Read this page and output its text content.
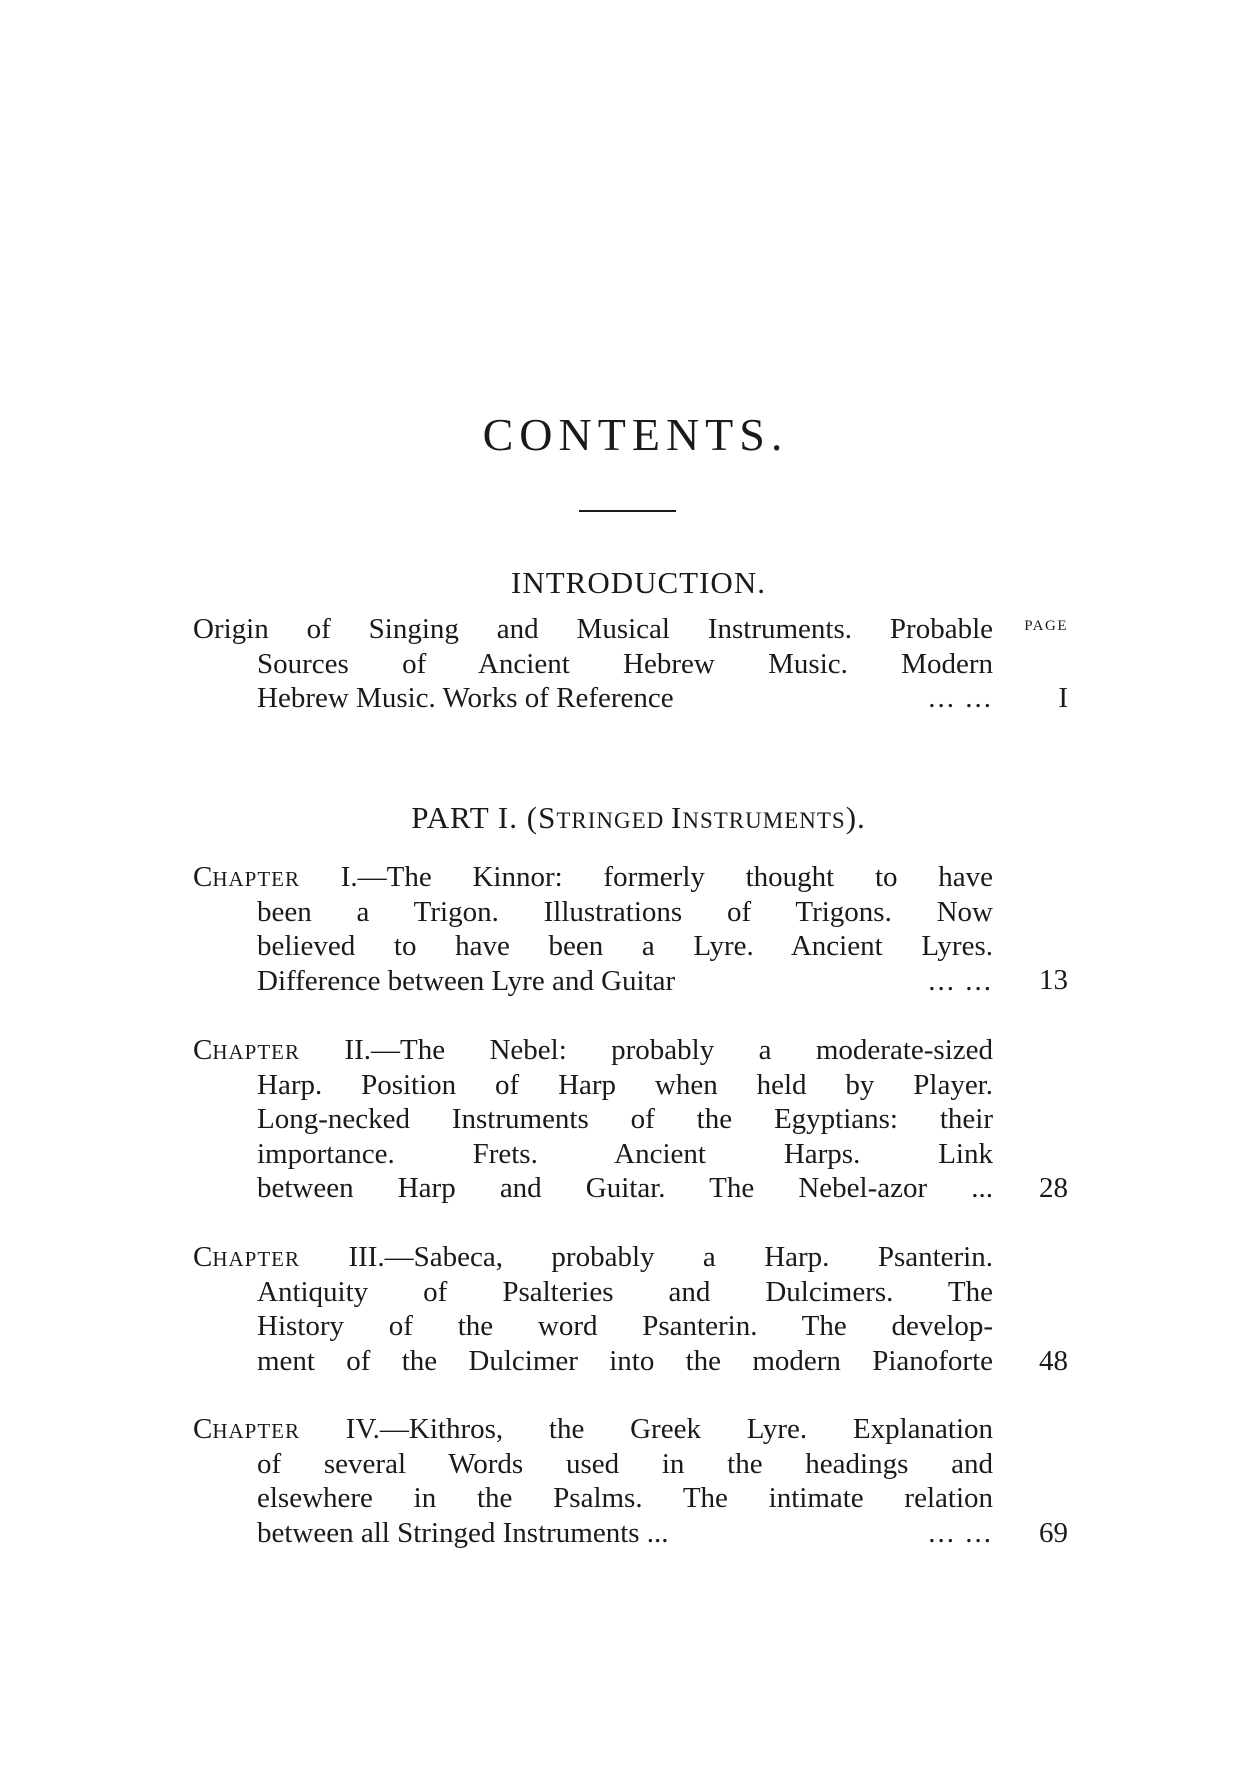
CONTENTS.
INTRODUCTION.
PAGE
Origin of Singing and Musical Instruments. Probable
Sources of Ancient Hebrew Music. Modern
Hebrew Music. Works of Reference	... ...	I
PART I. (STRINGED INSTRUMENTS).
CHAPTER I.—The Kinnor: formerly thought to have
been a Trigon. Illustrations of Trigons. Now
believed to have been a Lyre. Ancient Lyres.
Difference between Lyre and Guitar	... ...	13
CHAPTER II.—The Nebel: probably a moderate-sized
Harp. Position of Harp when held by Player.
Long-necked Instruments of the Egyptians: their
importance. Frets. Ancient Harps. Link
between Harp and Guitar. The Nebel-azor ...	28
CHAPTER III.—Sabeca, probably a Harp. Psanterin.
Antiquity of Psalteries and Dulcimers. The
History of the word Psanterin. The develop-
ment of the Dulcimer into the modern Pianoforte	48
CHAPTER IV.—Kithros, the Greek Lyre. Explanation
of several Words used in the headings and
elsewhere in the Psalms. The intimate relation
between all Stringed Instruments ...	... ...	69
